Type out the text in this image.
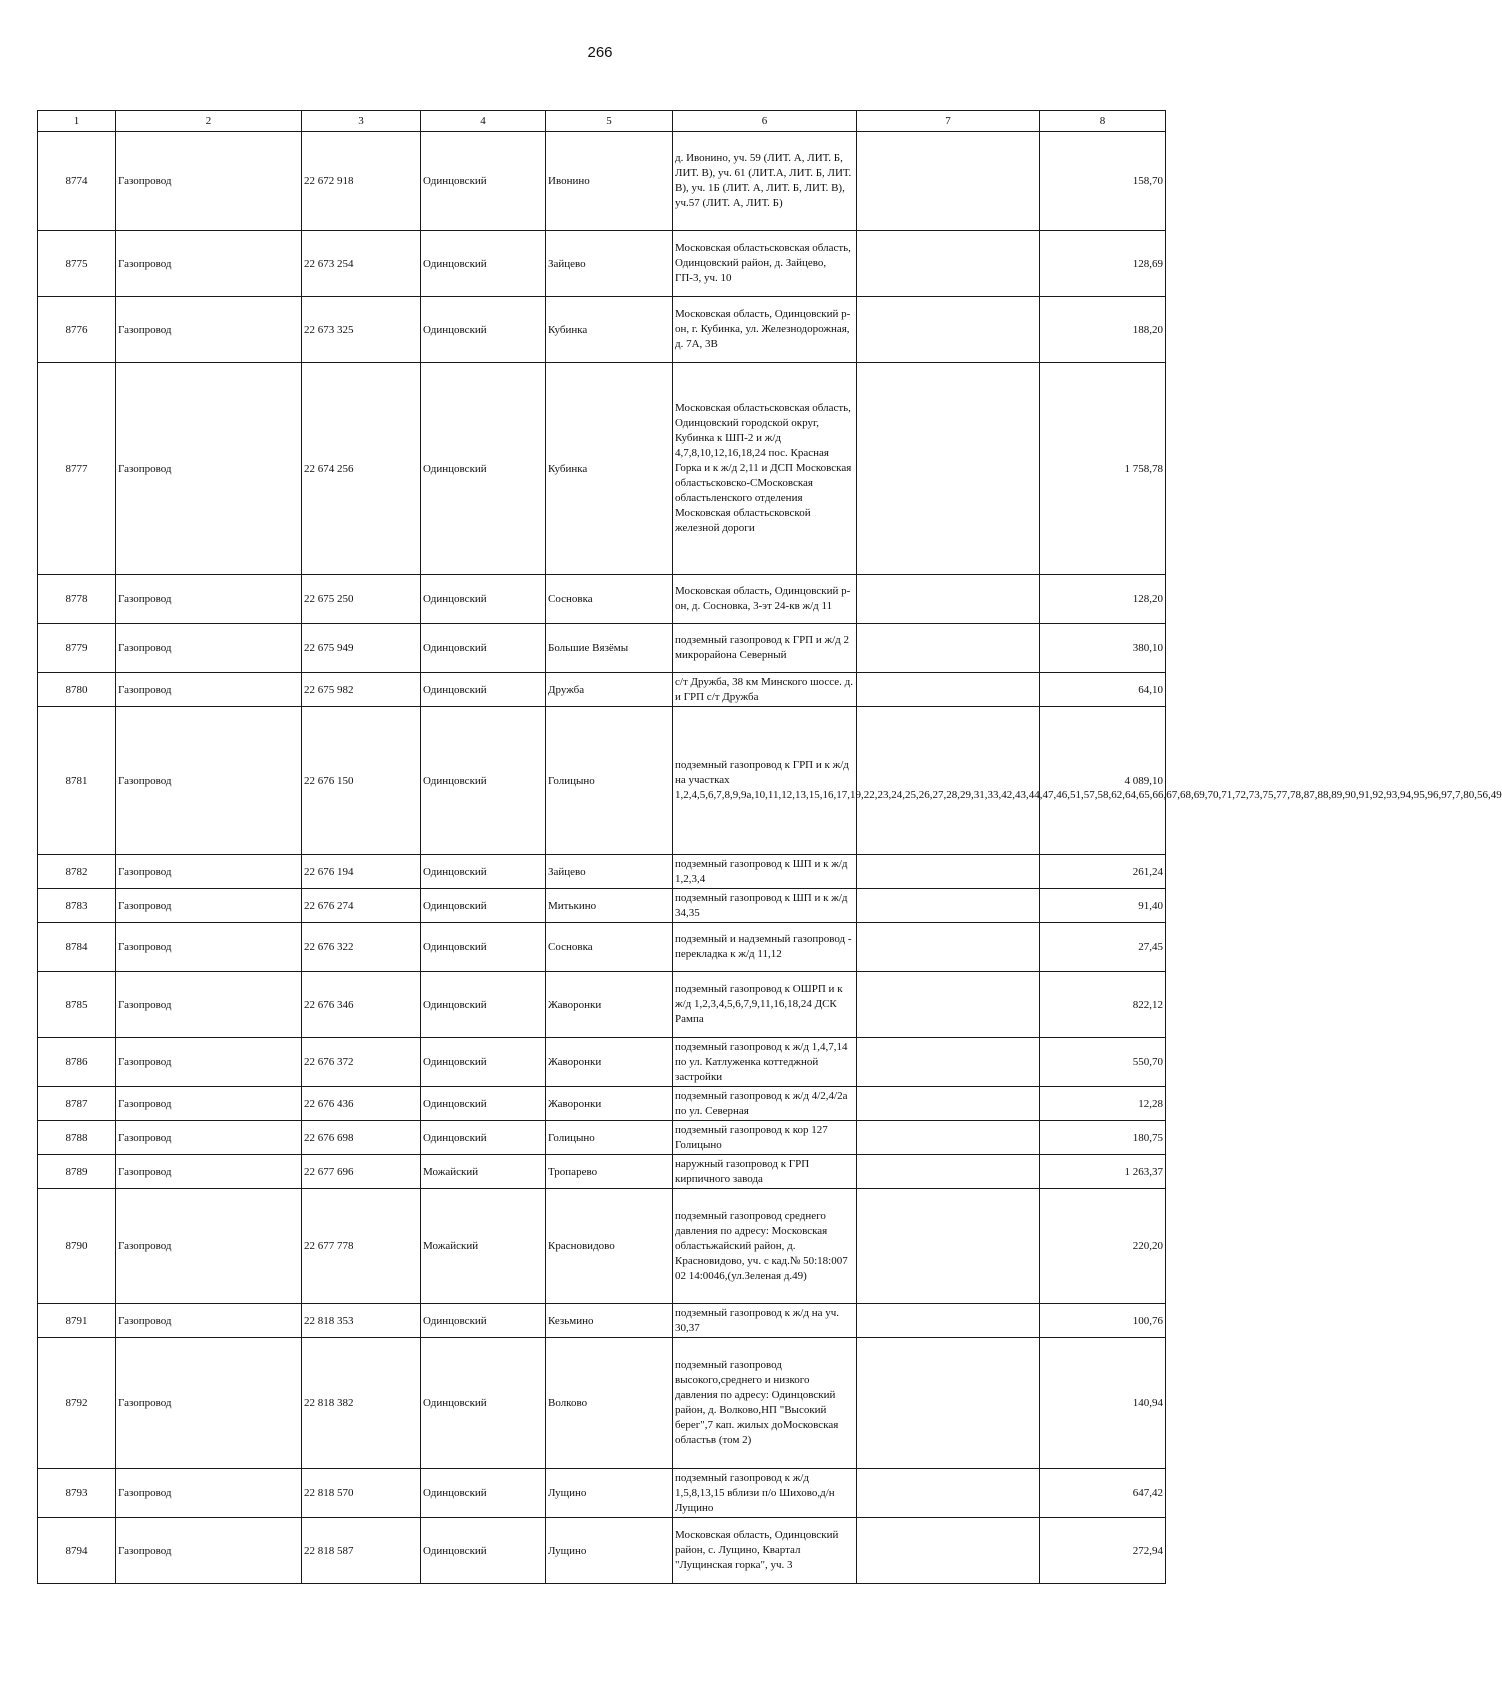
266
1	2	3	4	5	6	7	8
8774	Газопровод	22 672 918	Одинцовский	Ивонино	д. Ивонино, уч. 59 (ЛИТ. А, ЛИТ. Б, ЛИТ. В), уч. 61 (ЛИТ.А, ЛИТ. Б, ЛИТ. В), уч. 1Б (ЛИТ. А, ЛИТ. Б, ЛИТ. В), уч.57 (ЛИТ. А, ЛИТ. Б)		158,70
8775	Газопровод	22 673 254	Одинцовский	Зайцево	Московская областьсковская область, Одинцовский район, д. Зайцево, ГП-3, уч. 10		128,69
8776	Газопровод	22 673 325	Одинцовский	Кубинка	Московская область, Одинцовский р-он, г. Кубинка, ул. Железнодорожная, д. 7А, 3В		188,20
8777	Газопровод	22 674 256	Одинцовский	Кубинка	Московская областьсковская область, Одинцовский городской округ, Кубинка к ШП-2 и ж/д 4,7,8,10,12,16,18,24 пос. Красная Горка и к ж/д 2,11 и ДСП Московская областьсковско-СМосковская областьленского отделения Московская областьсковской железной дороги		1 758,78
8778	Газопровод	22 675 250	Одинцовский	Сосновка	Московская область, Одинцовский р-он, д. Сосновка, 3-эт 24-кв ж/д 11		128,20
8779	Газопровод	22 675 949	Одинцовский	Большие Вязёмы	подземный газопровод к ГРП и ж/д 2 микрорайона Северный		380,10
8780	Газопровод	22 675 982	Одинцовский	Дружба	с/т Дружба, 38 км Минского шоссе. д. и ГРП с/т Дружба		64,10
8781	Газопровод	22 676 150	Одинцовский	Голицыно	подземный газопровод к ГРП и к ж/д на участках 1,2,4,5,6,7,8,9,9а,10,11,12,13,15,16,17,19,22,23,24,25,26,27,28,29,31,33,42,43,44,47,46,51,57,58,62,64,65,66,67,68,69,70,71,72,73,75,77,78,87,88,89,90,91,92,93,94,95,96,97,7,80,56,49		4 089,10
8782	Газопровод	22 676 194	Одинцовский	Зайцево	подземный газопровод к ШП и к ж/д 1,2,3,4		261,24
8783	Газопровод	22 676 274	Одинцовский	Митькино	подземный газопровод к ШП и к ж/д 34,35		91,40
8784	Газопровод	22 676 322	Одинцовский	Сосновка	подземный и надземный газопровод - перекладка к ж/д 11,12		27,45
8785	Газопровод	22 676 346	Одинцовский	Жаворонки	подземный газопровод к ОШРП и к ж/д 1,2,3,4,5,6,7,9,11,16,18,24 ДСК Рампа		822,12
8786	Газопровод	22 676 372	Одинцовский	Жаворонки	подземный газопровод к ж/д 1,4,7,14 по ул. Катлуженка коттеджной застройки		550,70
8787	Газопровод	22 676 436	Одинцовский	Жаворонки	подземный газопровод к ж/д 4/2,4/2а по ул. Северная		12,28
8788	Газопровод	22 676 698	Одинцовский	Голицыно	подземный газопровод к кор 127 Голицыно		180,75
8789	Газопровод	22 677 696	Можайский	Тропарево	наружный газопровод к ГРП кирпичного завода		1 263,37
8790	Газопровод	22 677 778	Можайский	Красновидово	подземный газопровод среднего давления по адресу: Московская областьжайский район, д. Красновидово, уч. с кад.№ 50:18:007 02 14:0046,(ул.Зеленая д.49)		220,20
8791	Газопровод	22 818 353	Одинцовский	Кезьмино	подземный газопровод к ж/д на уч. 30,37		100,76
8792	Газопровод	22 818 382	Одинцовский	Волково	подземный газопровод высокого,среднего и низкого давления по адресу: Одинцовский район, д. Волково,НП "Высокий берег",7 кап. жилых доМосковская областьв (том 2)		140,94
8793	Газопровод	22 818 570	Одинцовский	Лущино	подземный газопровод к ж/д 1,5,8,13,15 вблизи п/о Шихово,д/н Лущино		647,42
8794	Газопровод	22 818 587	Одинцовский	Лущино	Московская область, Одинцовский район, с. Лущино, Квартал "Лущинская горка", уч. 3		272,94
